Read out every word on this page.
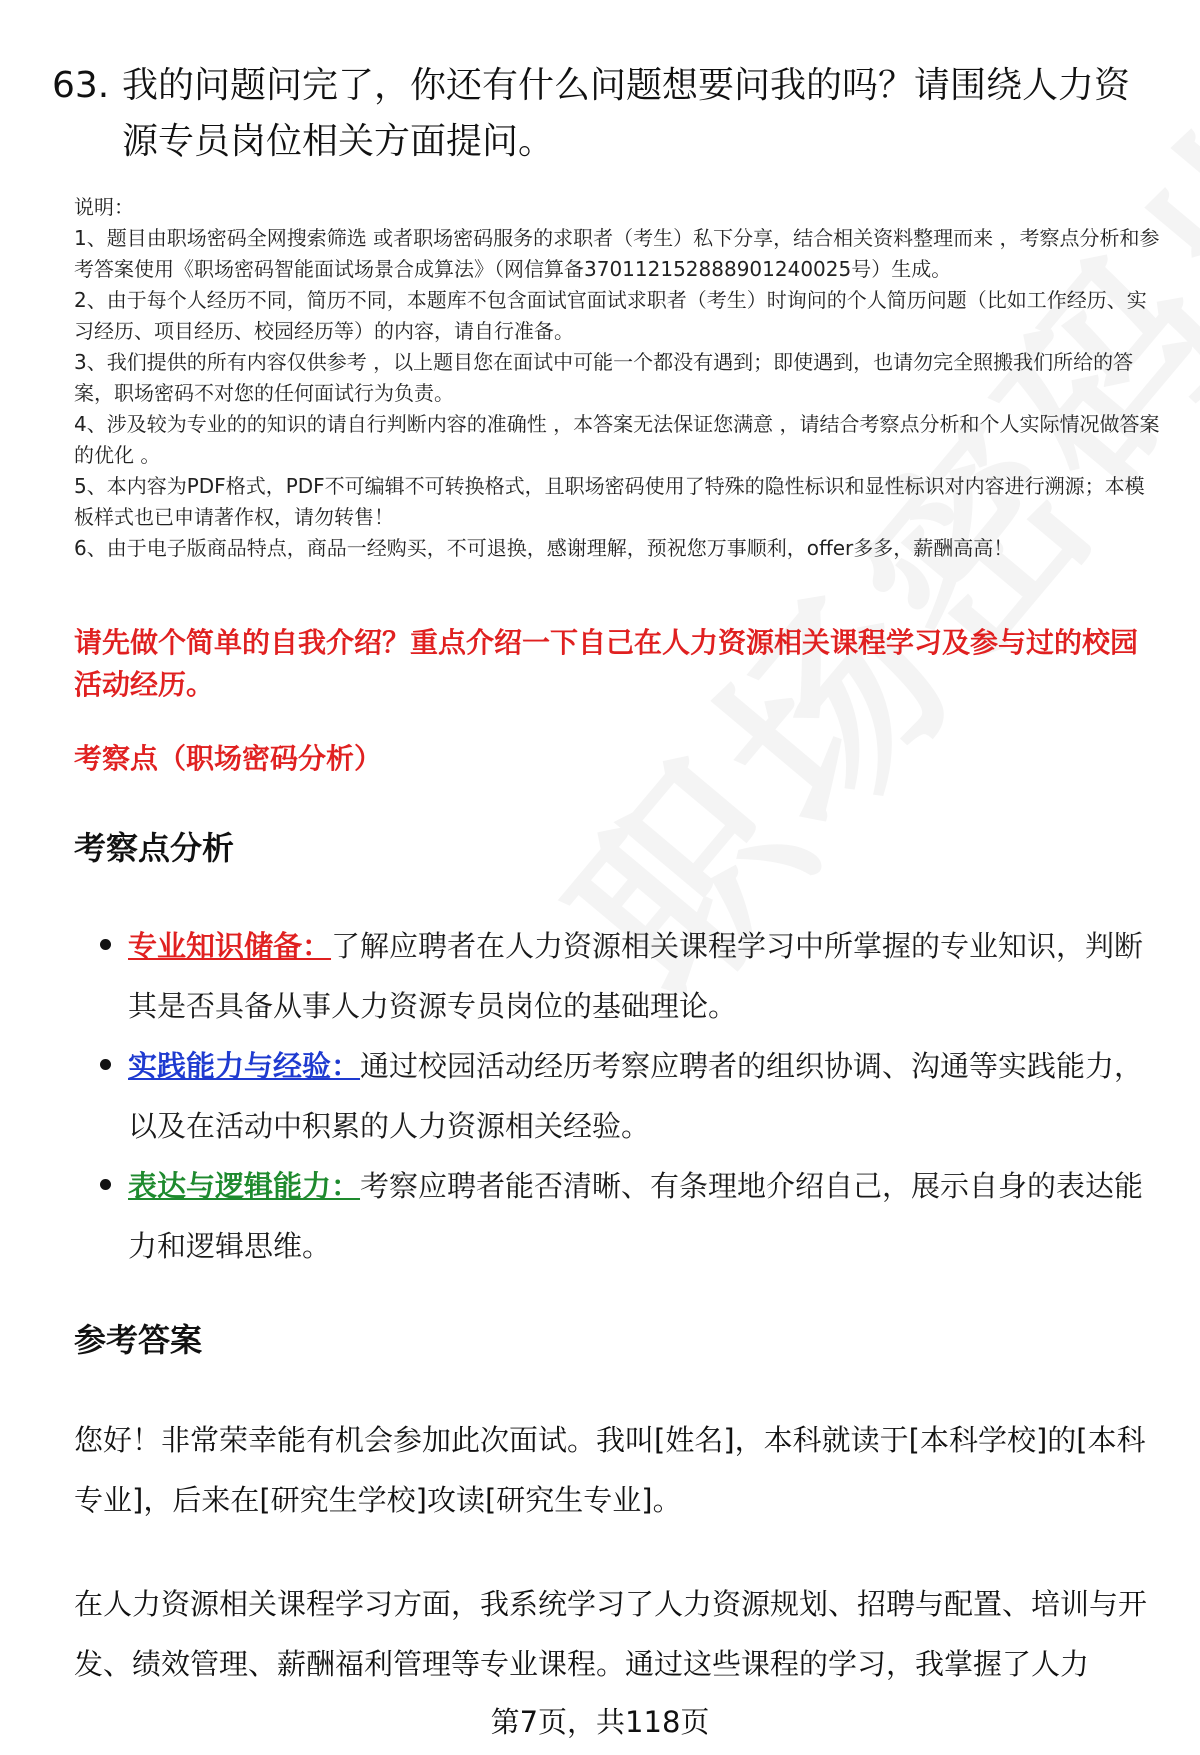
63. 我的问题问完了，你还有什么问题想要问我的吗？请围绕人力资源专员岗位相关方面提问。

说明：

1、题目由职场密码全网搜索筛选 或者职场密码服务的求职者（考生）私下分享，结合相关资料整理而来 ，考察点分析和参考答案使用《职场密码智能面试场景合成算法》（网信算备370112152888901240025号）生成。

2、由于每个人经历不同，简历不同，本题库不包含面试官面试求职者（考生）时询问的个人简历问题（比如工作经历、实习经历、项目经历、校园经历等）的内容，请自行准备。

3、我们提供的所有内容仅供参考 ，以上题目您在面试中可能一个都没有遇到；即使遇到，也请勿完全照搬我们所给的答案，职场密码不对您的任何面试行为负责。

4、涉及较为专业的的知识的请自行判断内容的准确性 ，本答案无法保证您满意 ，请结合考察点分析和个人实际情况做答案的优化 。

5、本内容为PDF格式，PDF不可编辑不可转换格式，且职场密码使用了特殊的隐性标识和显性标识对内容进行溯源；本模板样式也已申请著作权，请勿转售！

6、由于电子版商品特点，商品一经购买，不可退换，感谢理解，预祝您万事顺利，offer多多，薪酬高高！

请先做个简单的自我介绍？重点介绍一下自己在人力资源相关课程学习及参与过的校园活动经历。
考察点（职场密码分析）
考察点分析
专业知识储备：了解应聘者在人力资源相关课程学习中所掌握的专业知识，判断其是否具备从事人力资源专员岗位的基础理论。
实践能力与经验：通过校园活动经历考察应聘者的组织协调、沟通等实践能力，以及在活动中积累的人力资源相关经验。
表达与逻辑能力：考察应聘者能否清晰、有条理地介绍自己，展示自身的表达能力和逻辑思维。
参考答案
您好！非常荣幸能有机会参加此次面试。我叫[姓名]，本科就读于[本科学校]的[本科专业]，后来在[研究生学校]攻读[研究生专业]。
在人力资源相关课程学习方面，我系统学习了人力资源规划、招聘与配置、培训与开发、绩效管理、薪酬福利管理等专业课程。通过这些课程的学习，我掌握了人力
第7页，共118页
